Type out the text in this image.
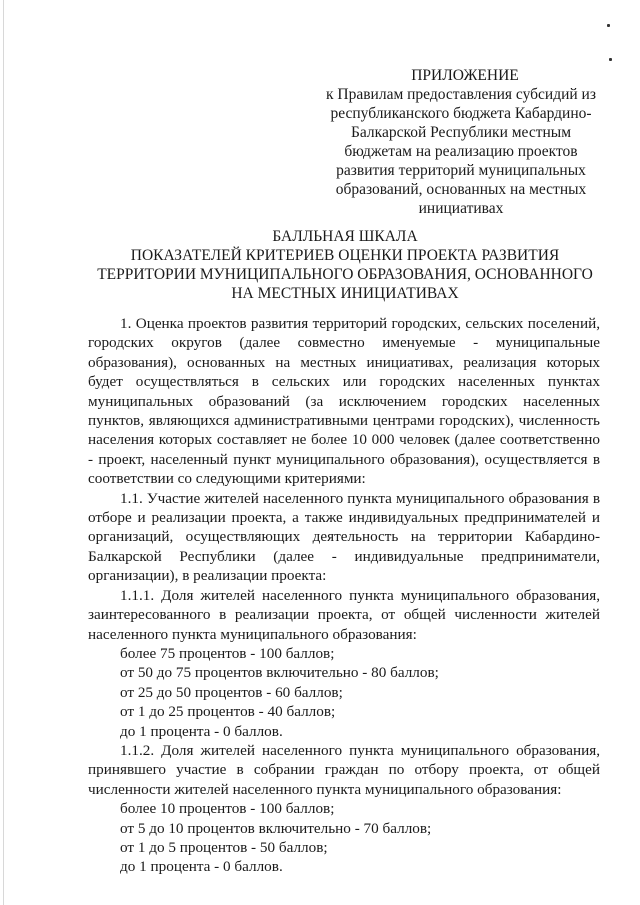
ПРИЛОЖЕНИЕ
к Правилам предоставления субсидий из
республиканского бюджета Кабардино-
Балкарской Республики местным
бюджетам на реализацию проектов
развития территорий муниципальных
образований, основанных на местных
инициативах
БАЛЛЬНАЯ ШКАЛА
ПОКАЗАТЕЛЕЙ КРИТЕРИЕВ ОЦЕНКИ ПРОЕКТА РАЗВИТИЯ
ТЕРРИТОРИИ МУНИЦИПАЛЬНОГО ОБРАЗОВАНИЯ, ОСНОВАННОГО
НА МЕСТНЫХ ИНИЦИАТИВАХ

1. Оценка проектов развития территорий городских, сельских поселений, городских округов (далее совместно именуемые - муниципальные образования), основанных на местных инициативах, реализация которых будет осуществляться в сельских или городских населенных пунктах муниципальных образований (за исключением городских населенных пунктов, являющихся административными центрами городских), численность населения которых составляет не более 10 000 человек (далее соответственно - проект, населенный пункт муниципального образования), осуществляется в соответствии со следующими критериями:

1.1. Участие жителей населенного пункта муниципального образования в отборе и реализации проекта, а также индивидуальных предпринимателей и организаций, осуществляющих деятельность на территории Кабардино-Балкарской Республики (далее - индивидуальные предприниматели, организации), в реализации проекта:

1.1.1. Доля жителей населенного пункта муниципального образования, заинтересованного в реализации проекта, от общей численности жителей населенного пункта муниципального образования:

более 75 процентов - 100 баллов;

от 50 до 75 процентов включительно - 80 баллов;

от 25 до 50 процентов - 60 баллов;

от 1 до 25 процентов - 40 баллов;

до 1 процента - 0 баллов.

1.1.2. Доля жителей населенного пункта муниципального образования, принявшего участие в собрании граждан по отбору проекта, от общей численности жителей населенного пункта муниципального образования:

более 10 процентов - 100 баллов;

от 5 до 10 процентов включительно - 70 баллов;

от 1 до 5 процентов - 50 баллов;

до 1 процента - 0 баллов.
